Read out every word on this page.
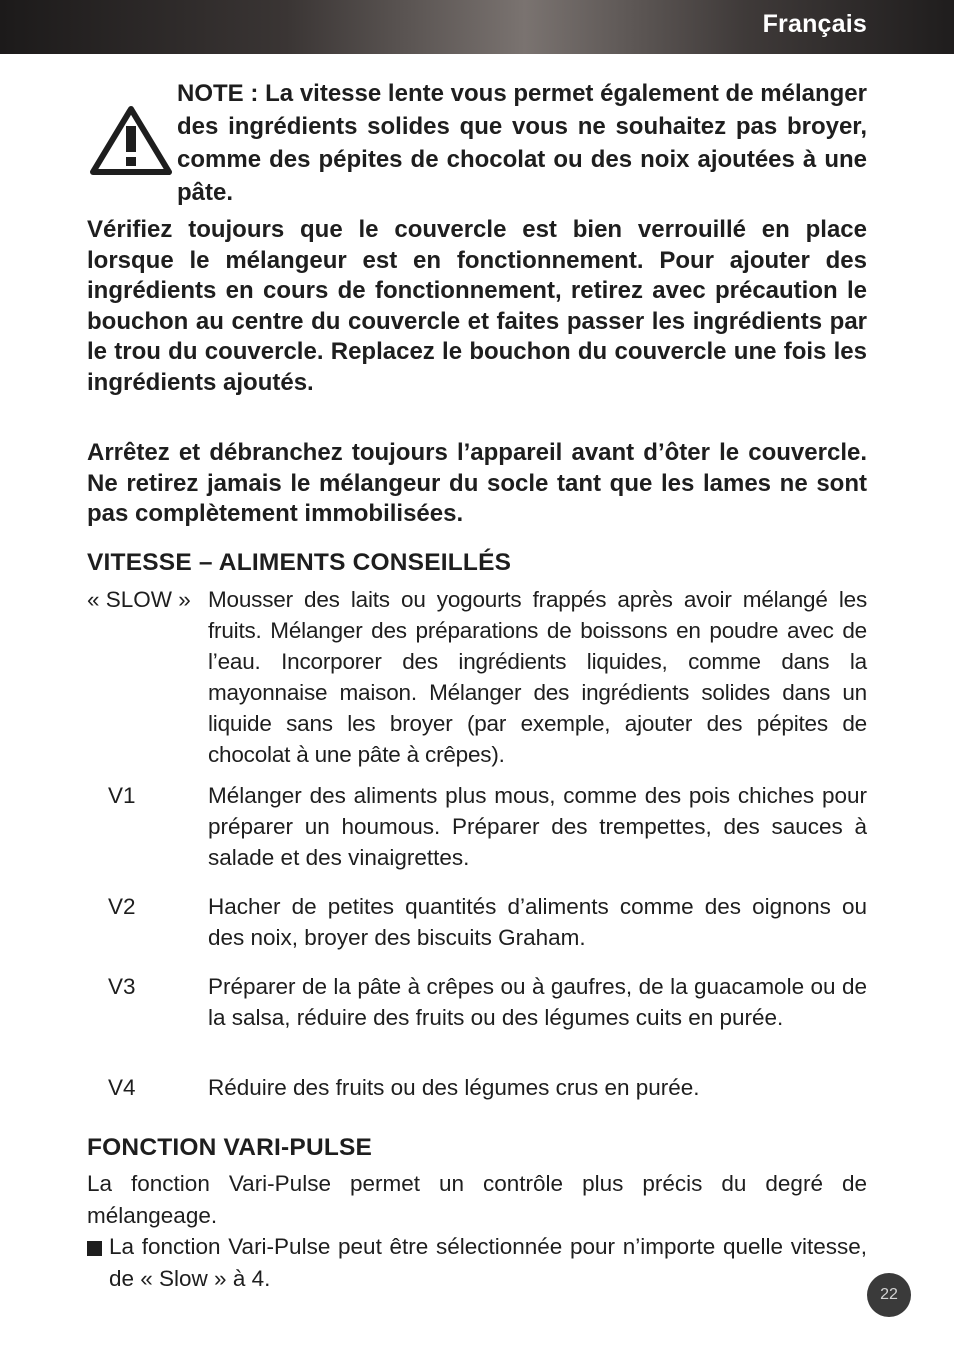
Français
NOTE : La vitesse lente vous permet également de mélanger des ingrédients solides que vous ne souhaitez pas broyer, comme des pépites de chocolat ou des noix ajoutées à une pâte.
Vérifiez toujours que le couvercle est bien verrouillé en place lorsque le mélangeur est en fonctionnement. Pour ajouter des ingrédients en cours de fonctionnement, retirez avec précaution le bouchon au centre du couvercle et faites passer les ingrédients par le trou du couvercle. Replacez le bouchon du couvercle une fois les ingrédients ajoutés.
Arrêtez et débranchez toujours l’appareil avant d’ôter le couvercle. Ne retirez jamais le mélangeur du socle tant que les lames ne sont pas complètement immobilisées.
VITESSE – ALIMENTS CONSEILLÉS
« SLOW » Mousser des laits ou yogourts frappés après avoir mélangé les fruits. Mélanger des préparations de boissons en poudre avec de l’eau. Incorporer des ingrédients liquides, comme dans la mayonnaise maison. Mélanger des ingrédients solides dans un liquide sans les broyer (par exemple, ajouter des pépites de chocolat à une pâte à crêpes).
V1	Mélanger des aliments plus mous, comme des pois chiches pour préparer un houmous. Préparer des trempettes, des sauces à salade et des vinaigrettes.
V2	Hacher de petites quantités d’aliments comme des oignons ou des noix, broyer des biscuits Graham.
V3	Préparer de la pâte à crêpes ou à gaufres, de la guacamole ou de la salsa, réduire des fruits ou des légumes cuits en purée.
V4	Réduire des fruits ou des légumes crus en purée.
FONCTION VARI-PULSE
La fonction Vari-Pulse permet un contrôle plus précis du degré de mélangeage.
La fonction Vari-Pulse peut être sélectionnée pour n’importe quelle vitesse, de « Slow » à 4.
22
